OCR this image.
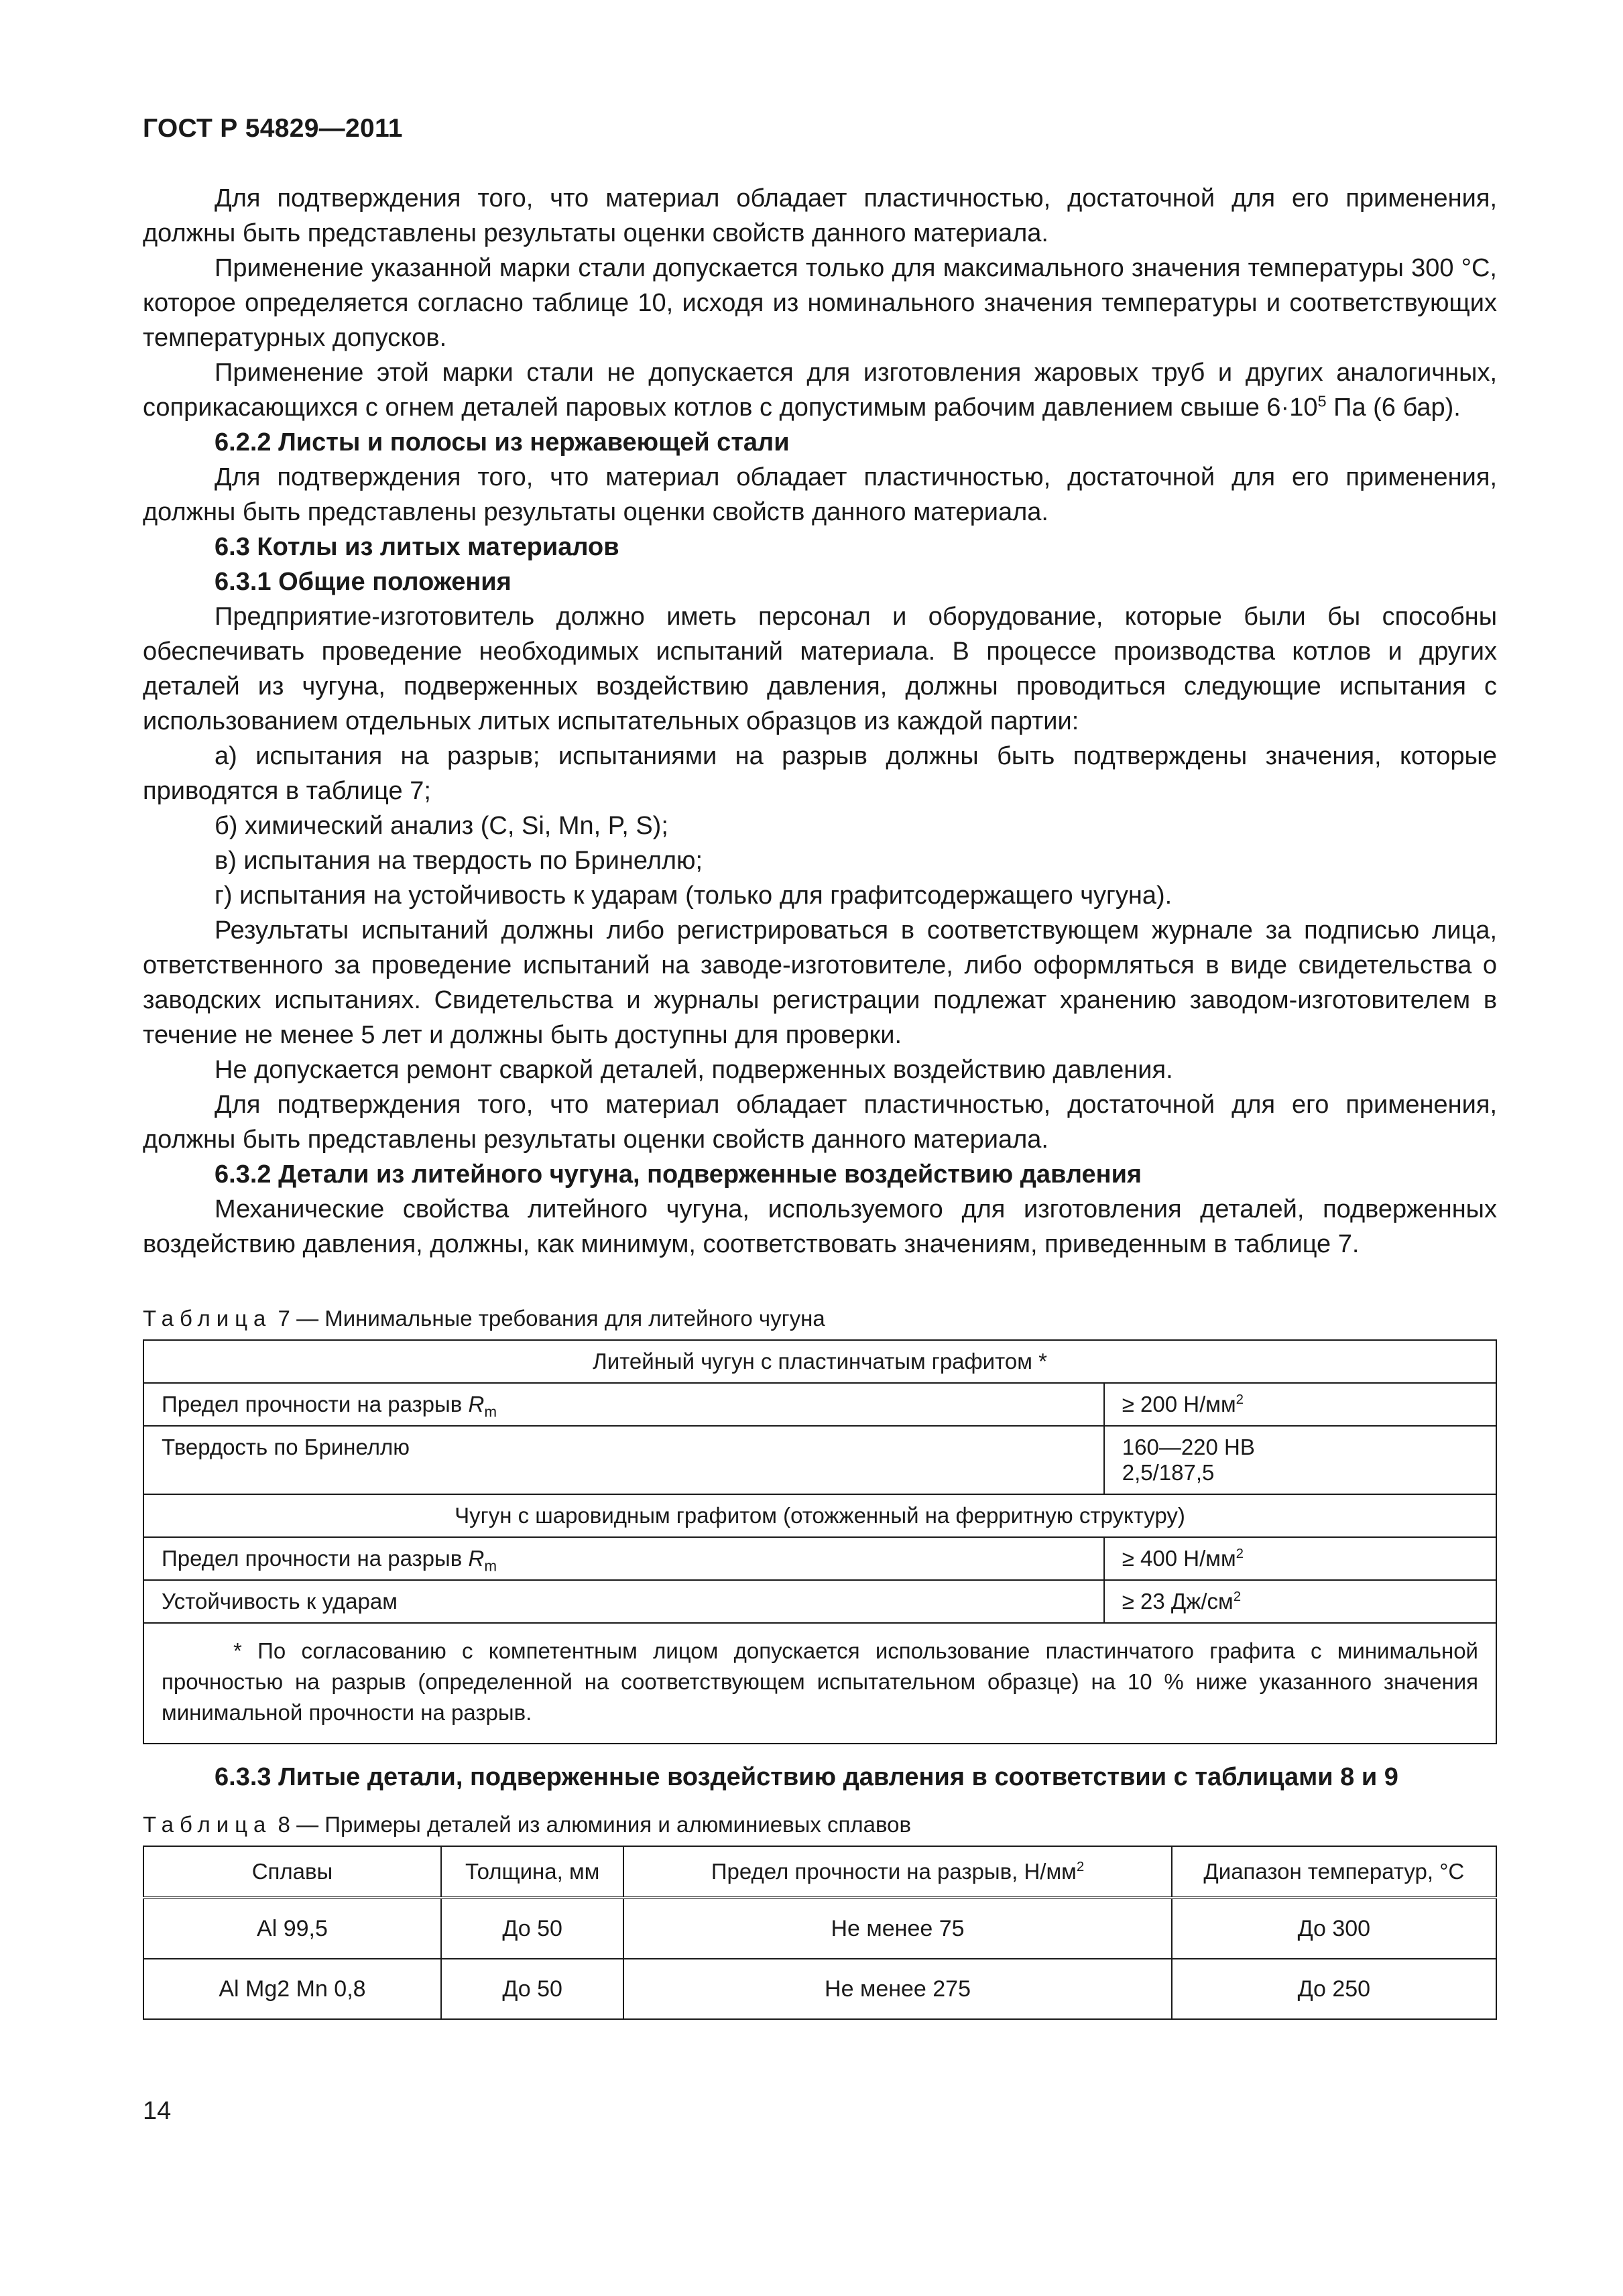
ГОСТ Р 54829—2011

Для подтверждения того, что материал обладает пластичностью, достаточной для его применения, должны быть представлены результаты оценки свойств данного материала.

Применение указанной марки стали допускается только для максимального значения температуры 300 °С, которое определяется согласно таблице 10, исходя из номинального значения температуры и соответствующих температурных допусков.

Применение этой марки стали не допускается для изготовления жаровых труб и других аналогичных, соприкасающихся с огнем деталей паровых котлов с допустимым рабочим давлением свыше $6\cdot 10^5$ Па (6 бар).

6.2.2 Листы и полосы из нержавеющей стали

Для подтверждения того, что материал обладает пластичностью, достаточной для его применения, должны быть представлены результаты оценки свойств данного материала.

6.3 Котлы из литых материалов

6.3.1 Общие положения

Предприятие-изготовитель должно иметь персонал и оборудование, которые были бы способны обеспечивать проведение необходимых испытаний материала. В процессе производства котлов и других деталей из чугуна, подверженных воздействию давления, должны проводиться следующие испытания с использованием отдельных литых испытательных образцов из каждой партии:

а) испытания на разрыв; испытаниями на разрыв должны быть подтверждены значения, которые приводятся в таблице 7;

б) химический анализ (C, Si, Mn, P, S);

в) испытания на твердость по Бринеллю;

г) испытания на устойчивость к ударам (только для графитсодержащего чугуна).

Результаты испытаний должны либо регистрироваться в соответствующем журнале за подписью лица, ответственного за проведение испытаний на заводе-изготовителе, либо оформляться в виде свидетельства о заводских испытаниях. Свидетельства и журналы регистрации подлежат хранению заводом-изготовителем в течение не менее 5 лет и должны быть доступны для проверки.

Не допускается ремонт сваркой деталей, подверженных воздействию давления.

Для подтверждения того, что материал обладает пластичностью, достаточной для его применения, должны быть представлены результаты оценки свойств данного материала.

6.3.2 Детали из литейного чугуна, подверженные воздействию давления

Механические свойства литейного чугуна, используемого для изготовления деталей, подверженных воздействию давления, должны, как минимум, соответствовать значениям, приведенным в таблице 7.

Таблица 7 — Минимальные требования для литейного чугуна
Литейный чугун с пластинчатым графитом *	
Предел прочности на разрыв $R_m$	≥ 200 $Н/мм^2$
Твердость по Бринеллю	160—220 НВ
2,5/187,5

Чугун с шаровидным графитом (отожженный на ферритную структуру)	
Предел прочности на разрыв $R_m$	≥ 400 $Н/мм^2$
Устойчивость к ударам	≥ 23 $Дж/см^2$
* По согласованию с компетентным лицом допускается использование пластинчатого графита с минимальной прочностью на разрыв (определенной на соответствующем испытательном образце) на 10 % ниже указанного значения минимальной прочности на разрыв.	
6.3.3 Литые детали, подверженные воздействию давления в соответствии с таблицами 8 и 9
Таблица 8 — Примеры деталей из алюминия и алюминиевых сплавов
Сплавы	Толщина, мм	Предел прочности на разрыв, $Н/мм^2$	Диапазон температур, °С
Al 99,5	До 50	Не менее 75	До 300
Al Mg2 Mn 0,8	До 50	Не менее 275	До 250
14
